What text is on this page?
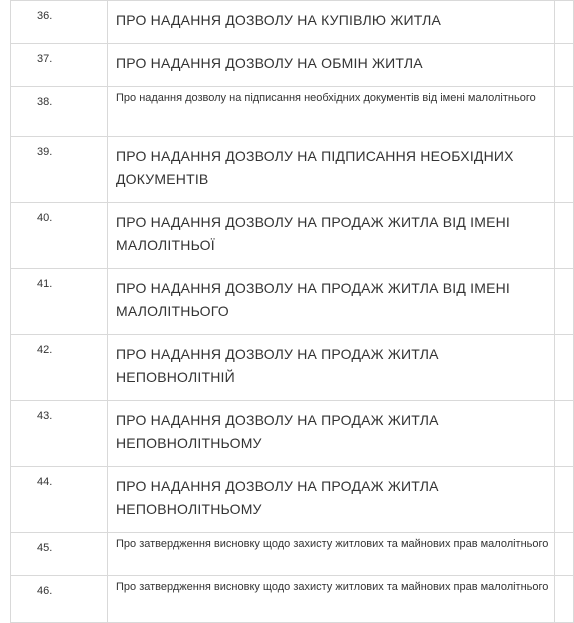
36.	ПРО НАДАННЯ ДОЗВОЛУ НА КУПІВЛЮ ЖИТЛА	
37.	ПРО НАДАННЯ ДОЗВОЛУ НА ОБМІН ЖИТЛА	
38.	Про надання дозволу на підписання необхідних документів від імені малолітнього	
39.	ПРО НАДАННЯ ДОЗВОЛУ НА ПІДПИСАННЯ НЕОБХІДНИХ ДОКУМЕНТІВ	
40.	ПРО НАДАННЯ ДОЗВОЛУ НА ПРОДАЖ ЖИТЛА ВІД ІМЕНІ МАЛОЛІТНЬОЇ	
41.	ПРО НАДАННЯ ДОЗВОЛУ НА ПРОДАЖ ЖИТЛА ВІД ІМЕНІ МАЛОЛІТНЬОГО	
42.	ПРО НАДАННЯ ДОЗВОЛУ НА ПРОДАЖ ЖИТЛА НЕПОВНОЛІТНІЙ	
43.	ПРО НАДАННЯ ДОЗВОЛУ НА ПРОДАЖ ЖИТЛА НЕПОВНОЛІТНЬОМУ	
44.	ПРО НАДАННЯ ДОЗВОЛУ НА ПРОДАЖ ЖИТЛА НЕПОВНОЛІТНЬОМУ	
45.	Про затвердження висновку щодо захисту житлових та майнових прав малолітнього	
46.	Про затвердження висновку щодо захисту житлових та майнових прав малолітнього	
